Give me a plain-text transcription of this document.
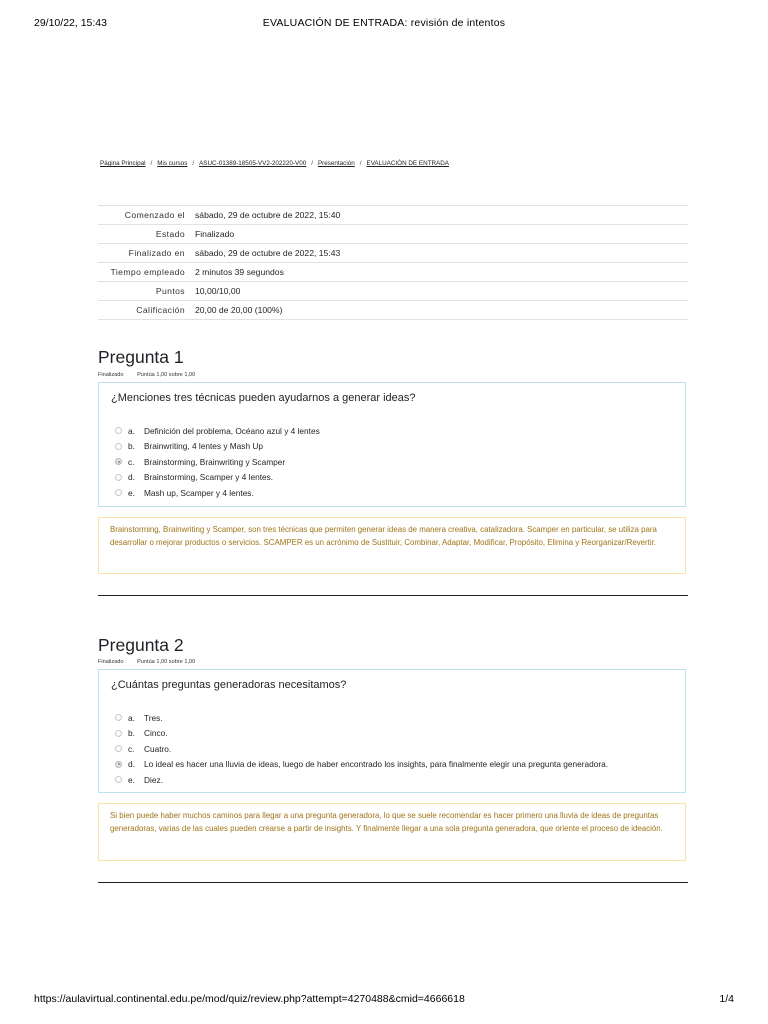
29/10/22, 15:43	EVALUACIÓN DE ENTRADA: revisión de intentos
Página Principal / Mis cursos / ASUC-01389-18505-VV2-202220-V00 / Presentación / EVALUACIÓN DE ENTRADA
Comenzado el	sábado, 29 de octubre de 2022, 15:40
Estado	Finalizado
Finalizado en	sábado, 29 de octubre de 2022, 15:43
Tiempo empleado	2 minutos 39 segundos
Puntos	10,00/10,00
Calificación	20,00 de 20,00 (100%)
Pregunta 1
Finalizado Puntúa 1,00 sobre 1,00
¿Menciones tres técnicas pueden ayudarnos a generar ideas?
a.	Definición del problema, Océano azul y 4 lentes
b.	Brainwriting, 4 lentes y Mash Up
c.	Brainstorming, Brainwriting y Scamper
d.	Brainstorming, Scamper y 4 lentes.
e.	Mash up, Scamper y 4 lentes.
Brainstorming, Brainwriting y Scamper, son tres técnicas que permiten generar ideas de manera creativa, catalizadora. Scamper en particular, se utiliza para desarrollar o mejorar productos o servicios. SCAMPER es un acrónimo de Sustituir, Combinar, Adaptar, Modificar, Propósito, Elimina y Reorganizar/Revertir.
Pregunta 2
Finalizado Puntúa 1,00 sobre 1,00
¿Cuántas preguntas generadoras necesitamos?
a.	Tres.
b.	Cinco.
c.	Cuatro.
d.	Lo ideal es hacer una lluvia de ideas, luego de haber encontrado los insights, para finalmente elegir una pregunta generadora.
e.	Diez.
Si bien puede haber muchos caminos para llegar a una pregunta generadora, lo que se suele recomendar es hacer primero una lluvia de ideas de preguntas generadoras, varias de las cuales pueden crearse a partir de insights. Y finalmente llegar a una sola pregunta generadora, que oriente el proceso de ideación.
https://aulavirtual.continental.edu.pe/mod/quiz/review.php?attempt=4270488&cmid=4666618	1/4
